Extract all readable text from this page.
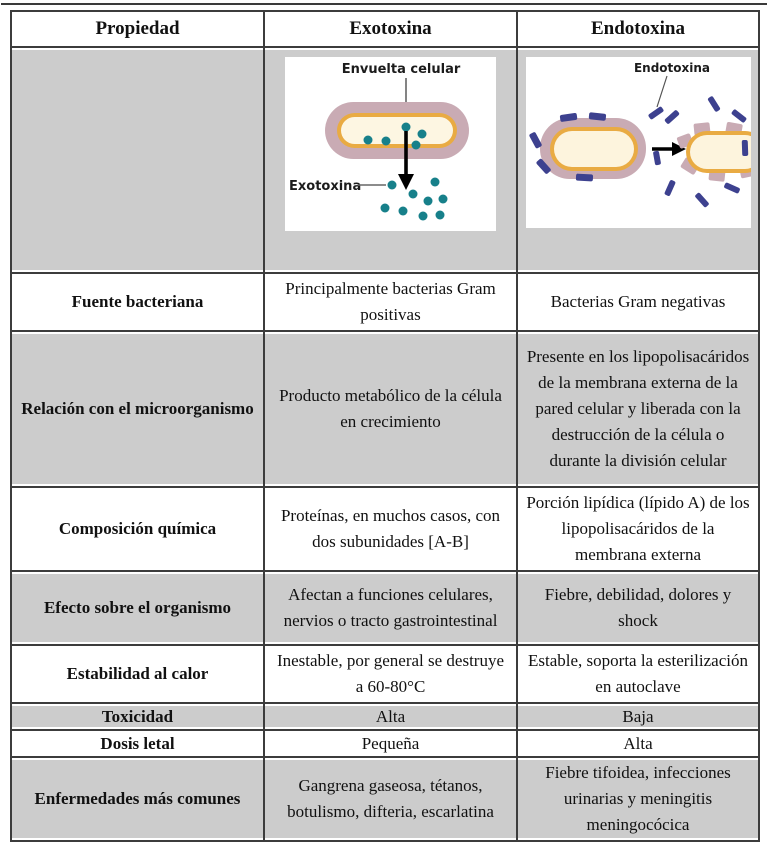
Propiedad	Exotoxina	Endotoxina

Envuelta celular
Exotoxina	Endotoxina

Fuente bacteriana	Principalmente bacterias Gram positivas	Bacterias Gram negativas
Relación con el microorganismo	Producto metabólico de la célula en crecimiento	Presente en los lipopolisacáridos de la membrana externa de la pared celular y liberada con la destrucción de la célula o durante la división celular
Composición química	Proteínas, en muchos casos, con dos subunidades [A-B]	Porción lipídica (lípido A) de los lipopolisacáridos de la membrana externa
Efecto sobre el organismo	Afectan a funciones celulares, nervios o tracto gastrointestinal	Fiebre, debilidad, dolores y shock
Estabilidad al calor	Inestable, por general se destruye a 60-80°C	Estable, soporta la esterilización en autoclave
Toxicidad	Alta	Baja
Dosis letal	Pequeña	Alta
Enfermedades más comunes	Gangrena gaseosa, tétanos, botulismo, difteria, escarlatina	Fiebre tifoidea, infecciones urinarias y meningitis meningocócica
